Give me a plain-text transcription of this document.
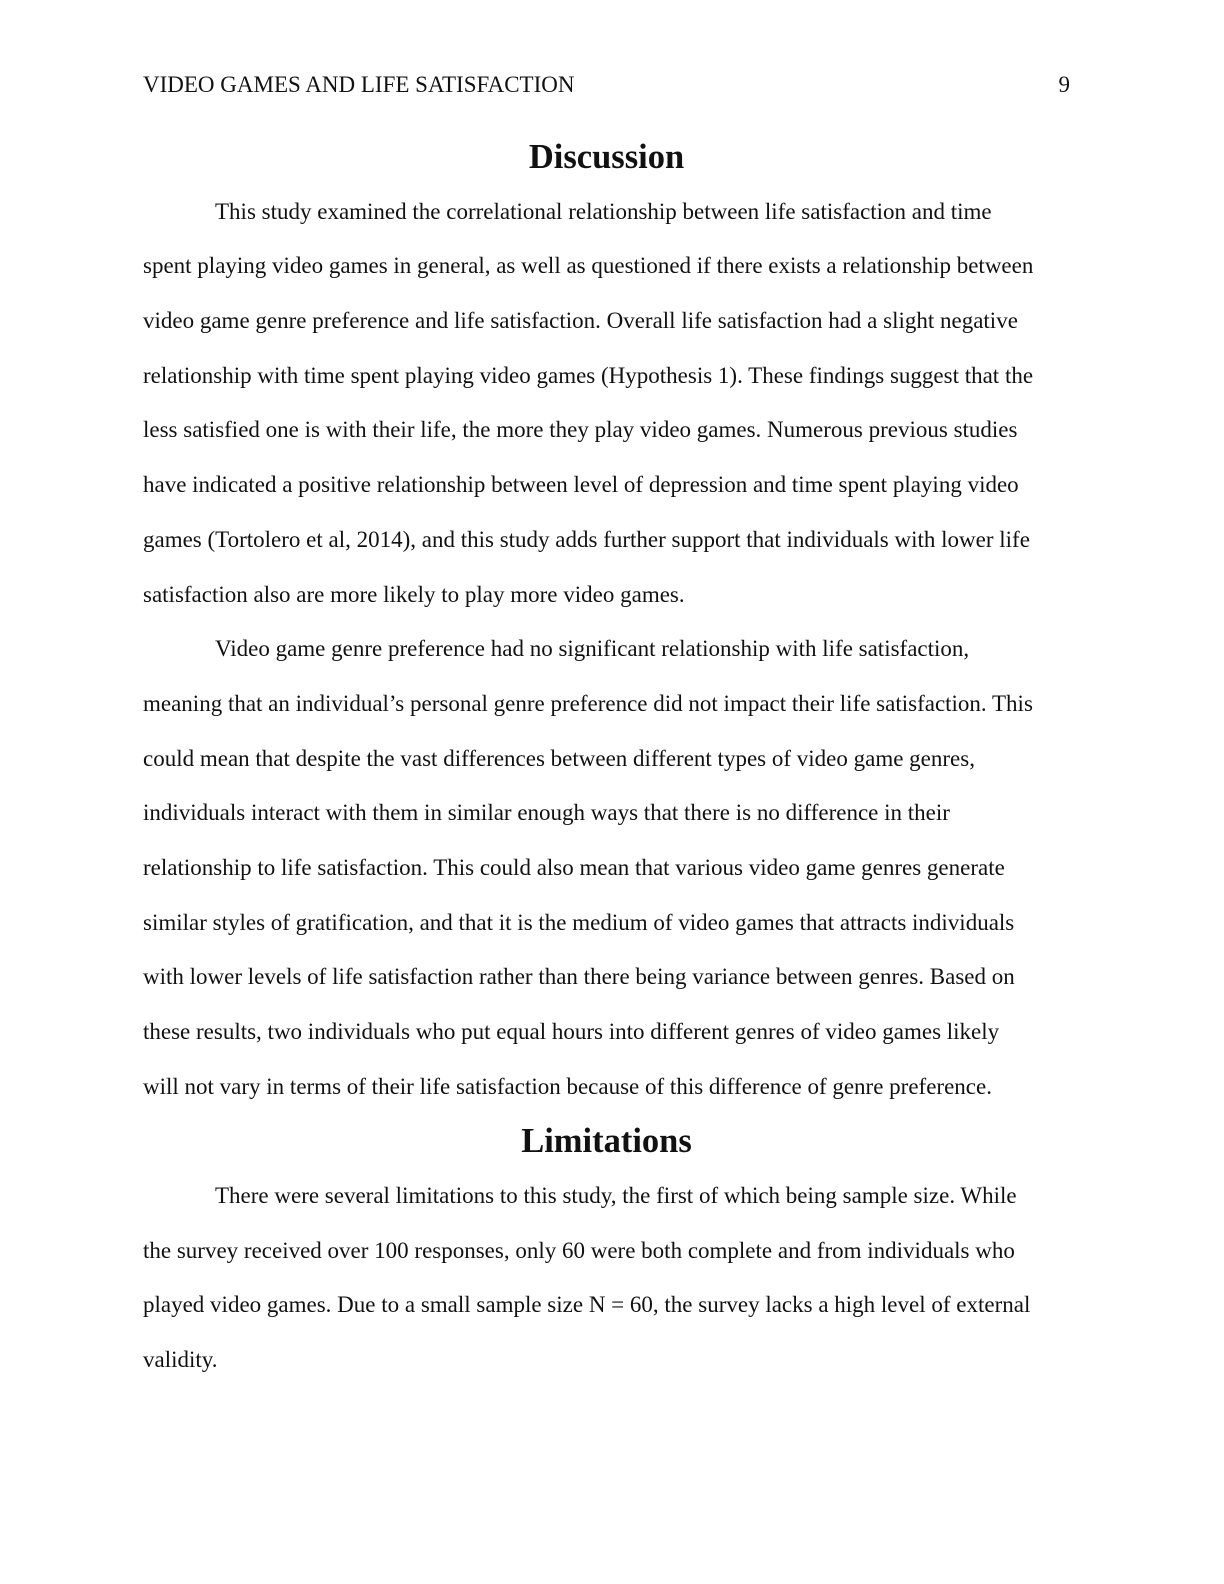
VIDEO GAMES AND LIFE SATISFACTION	9
Discussion

This study examined the correlational relationship between life satisfaction and time
spent playing video games in general, as well as questioned if there exists a relationship between
video game genre preference and life satisfaction. Overall life satisfaction had a slight negative
relationship with time spent playing video games (Hypothesis 1). These findings suggest that the
less satisfied one is with their life, the more they play video games. Numerous previous studies
have indicated a positive relationship between level of depression and time spent playing video
games (Tortolero et al, 2014), and this study adds further support that individuals with lower life
satisfaction also are more likely to play more video games.

Video game genre preference had no significant relationship with life satisfaction,
meaning that an individual’s personal genre preference did not impact their life satisfaction. This
could mean that despite the vast differences between different types of video game genres,
individuals interact with them in similar enough ways that there is no difference in their
relationship to life satisfaction. This could also mean that various video game genres generate
similar styles of gratification, and that it is the medium of video games that attracts individuals
with lower levels of life satisfaction rather than there being variance between genres. Based on
these results, two individuals who put equal hours into different genres of video games likely
will not vary in terms of their life satisfaction because of this difference of genre preference.

Limitations

There were several limitations to this study, the first of which being sample size. While
the survey received over 100 responses, only 60 were both complete and from individuals who
played video games. Due to a small sample size N = 60, the survey lacks a high level of external
validity.
